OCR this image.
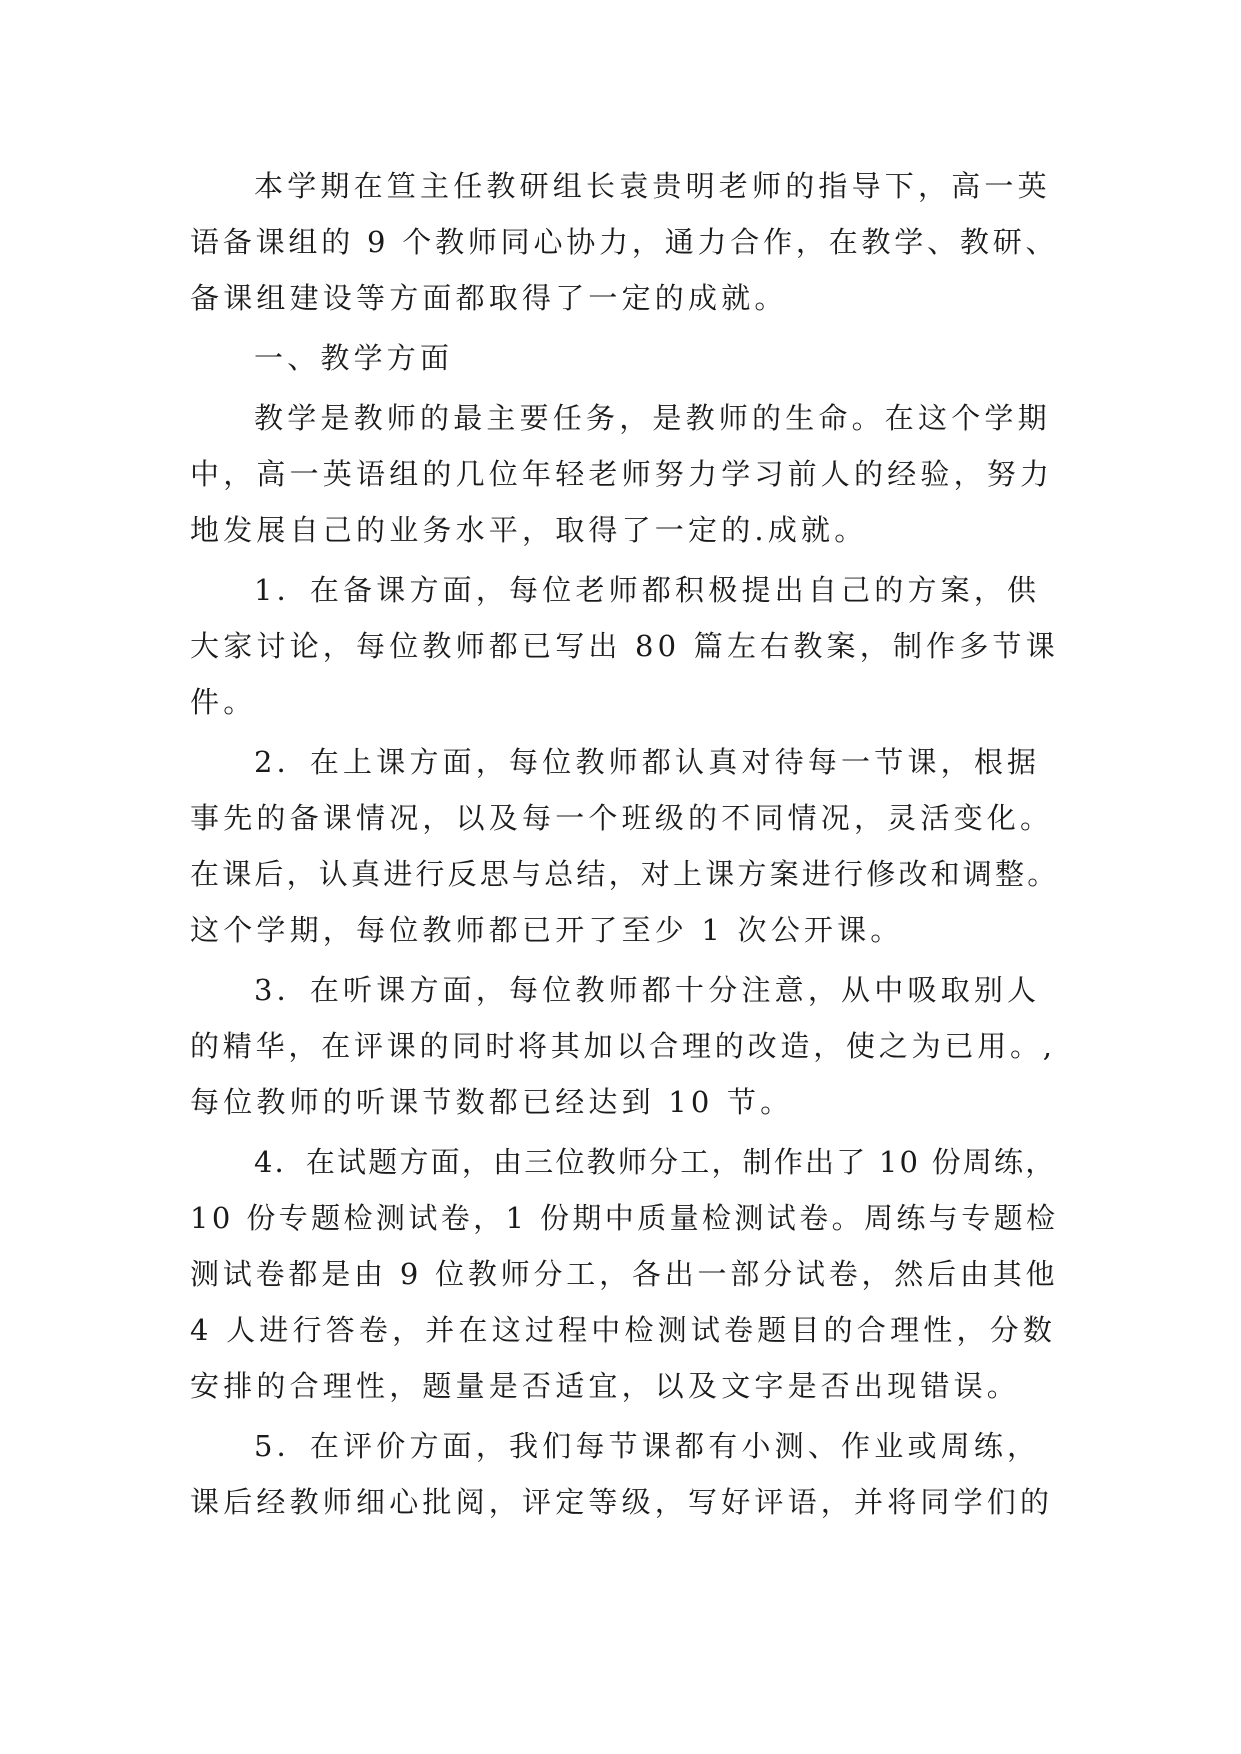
本学期在笪主任教研组长袁贵明老师的指导下，高一英
语备课组的 9 个教师同心协力，通力合作，在教学、教研、
备课组建设等方面都取得了一定的成就。
一、教学方面
教学是教师的最主要任务，是教师的生命。在这个学期
中，高一英语组的几位年轻老师努力学习前人的经验，努力
地发展自己的业务水平，取得了一定的.成就。
1．在备课方面，每位老师都积极提出自己的方案，供
大家讨论，每位教师都已写出 80 篇左右教案，制作多节课
件。
2．在上课方面，每位教师都认真对待每一节课，根据
事先的备课情况，以及每一个班级的不同情况，灵活变化。
在课后，认真进行反思与总结，对上课方案进行修改和调整。
这个学期，每位教师都已开了至少 1 次公开课。
3．在听课方面，每位教师都十分注意，从中吸取别人
的精华，在评课的同时将其加以合理的改造，使之为已用。,
每位教师的听课节数都已经达到 10 节。
4．在试题方面，由三位教师分工，制作出了 10 份周练，
10 份专题检测试卷，1 份期中质量检测试卷。周练与专题检
测试卷都是由 9 位教师分工，各出一部分试卷，然后由其他
4 人进行答卷，并在这过程中检测试卷题目的合理性，分数
安排的合理性，题量是否适宜，以及文字是否出现错误。
5．在评价方面，我们每节课都有小测、作业或周练，
课后经教师细心批阅，评定等级，写好评语，并将同学们的
